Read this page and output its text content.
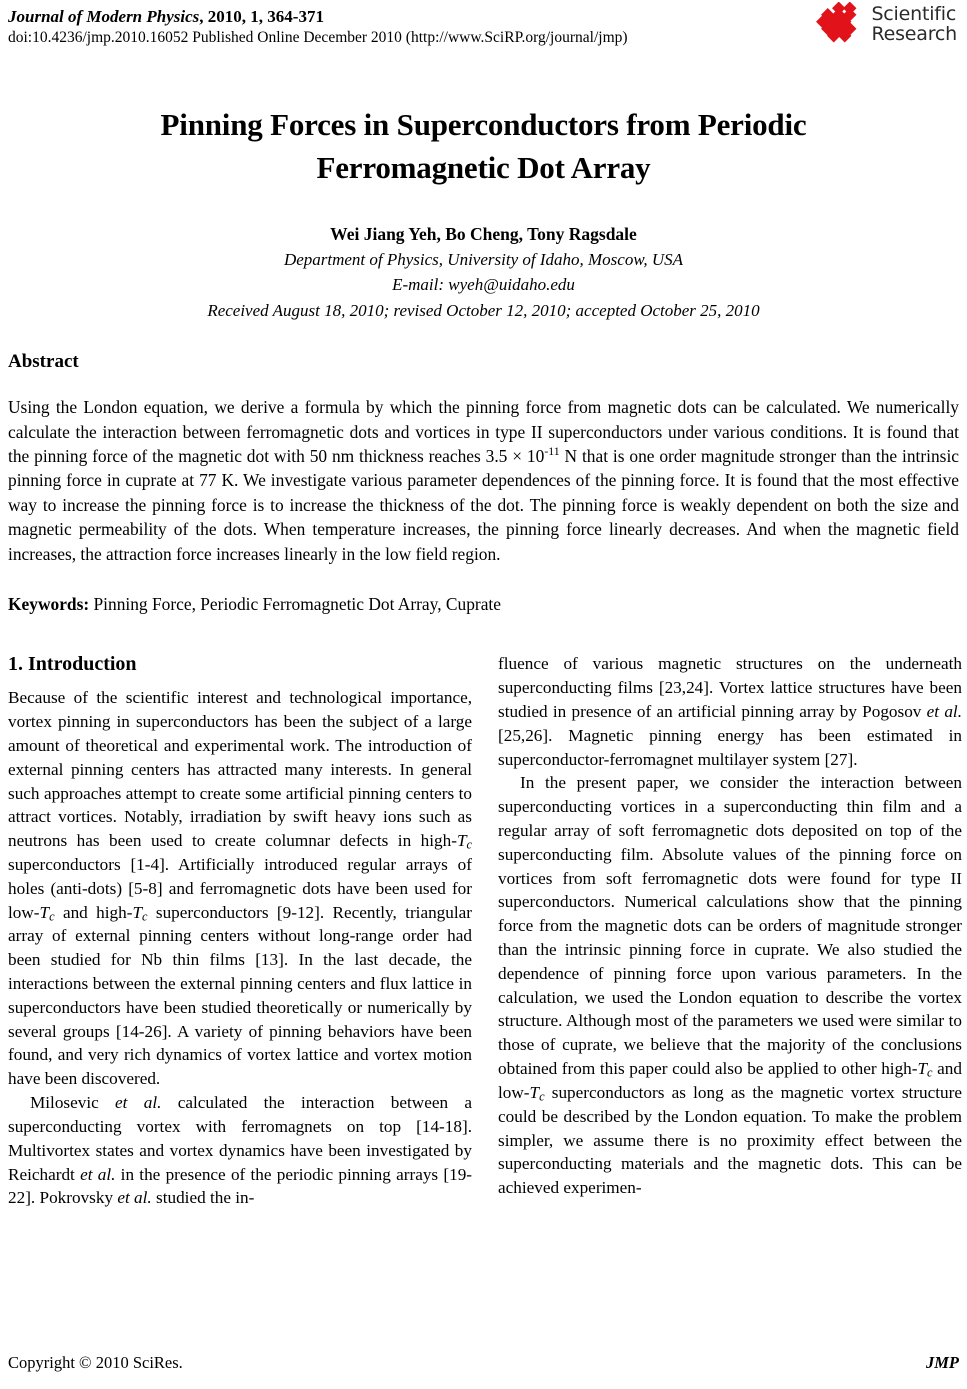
Journal of Modern Physics, 2010, 1, 364-371
doi:10.4236/jmp.2010.16052 Published Online December 2010 (http://www.SciRP.org/journal/jmp)
Scientific
Research
Pinning Forces in Superconductors from Periodic Ferromagnetic Dot Array
Wei Jiang Yeh, Bo Cheng, Tony Ragsdale
Department of Physics, University of Idaho, Moscow, USA
E-mail: wyeh@uidaho.edu
Received August 18, 2010; revised October 12, 2010; accepted October 25, 2010
Abstract
Using the London equation, we derive a formula by which the pinning force from magnetic dots can be calculated. We numerically calculate the interaction between ferromagnetic dots and vortices in type II superconductors under various conditions. It is found that the pinning force of the magnetic dot with 50 nm thickness reaches $3.5 \times 10^{-11}$ N that is one order magnitude stronger than the intrinsic pinning force in cuprate at 77 K. We investigate various parameter dependences of the pinning force. It is found that the most effective way to increase the pinning force is to increase the thickness of the dot. The pinning force is weakly dependent on both the size and magnetic permeability of the dots. When temperature increases, the pinning force linearly decreases. And when the magnetic field increases, the attraction force increases linearly in the low field region.
Keywords: Pinning Force, Periodic Ferromagnetic Dot Array, Cuprate
1. Introduction

Because of the scientific interest and technological importance, vortex pinning in superconductors has been the subject of a large amount of theoretical and experimental work. The introduction of external pinning centers has attracted many interests. In general such approaches attempt to create some artificial pinning centers to attract vortices. Notably, irradiation by swift heavy ions such as neutrons has been used to create columnar defects in high-$T_c$ superconductors [1-4]. Artificially introduced regular arrays of holes (anti-dots) [5-8] and ferromagnetic dots have been used for low-$T_c$ and high-$T_c$ superconductors [9-12]. Recently, triangular array of external pinning centers without long-range order had been studied for Nb thin films [13]. In the last decade, the interactions between the external pinning centers and flux lattice in superconductors have been studied theoretically or numerically by several groups [14-26]. A variety of pinning behaviors have been found, and very rich dynamics of vortex lattice and vortex motion have been discovered.

Milosevic et al. calculated the interaction between a superconducting vortex with ferromagnets on top [14-18]. Multivortex states and vortex dynamics have been investigated by Reichardt et al. in the presence of the periodic pinning arrays [19-22]. Pokrovsky et al. studied the in-

fluence of various magnetic structures on the underneath superconducting films [23,24]. Vortex lattice structures have been studied in presence of an artificial pinning array by Pogosov et al. [25,26]. Magnetic pinning energy has been estimated in superconductor-ferromagnet multilayer system [27].

In the present paper, we consider the interaction between superconducting vortices in a superconducting thin film and a regular array of soft ferromagnetic dots deposited on top of the superconducting film. Absolute values of the pinning force on vortices from soft ferromagnetic dots were found for type II superconductors. Numerical calculations show that the pinning force from the magnetic dots can be orders of magnitude stronger than the intrinsic pinning force in cuprate. We also studied the dependence of pinning force upon various parameters. In the calculation, we used the London equation to describe the vortex structure. Although most of the parameters we used were similar to those of cuprate, we believe that the majority of the conclusions obtained from this paper could also be applied to other high-$T_c$ and low-$T_c$ superconductors as long as the magnetic vortex structure could be described by the London equation. To make the problem simpler, we assume there is no proximity effect between the superconducting materials and the magnetic dots. This can be achieved experimen-

Copyright © 2010 SciRes.	JMP
